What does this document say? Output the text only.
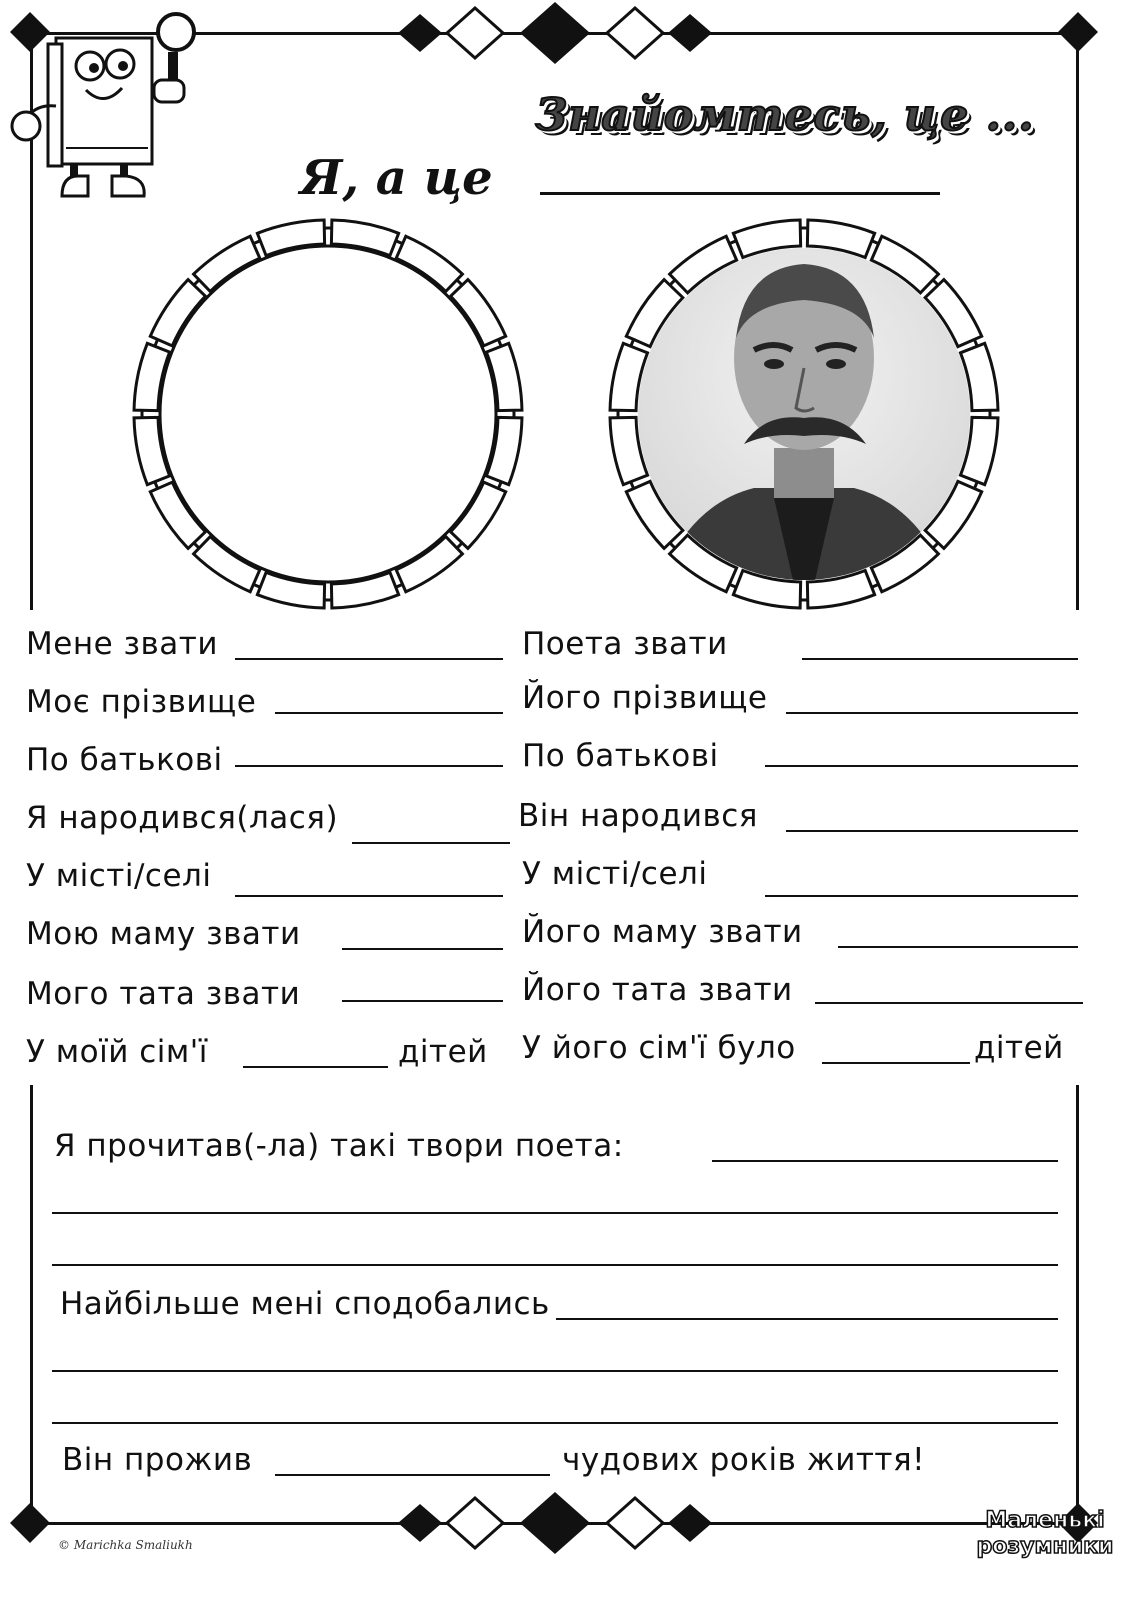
Знайомтесь, це ...
Я, а це
Мене звати
Моє прізвище
По батькові
Я народився(лася)
У місті/селі
Мою маму звати
Мого тата звати
У моїй сім'ї	дітей
Поета звати
Його прізвище
По батькові
Він народився
У місті/селі
Його маму звати
Його тата звати
У його сім'ї було	дітей
Я прочитав(-ла) такі твори поета:
Найбільше мені сподобались
Він прожив	чудових років життя!
© Marichka Smaliukh
Маленькі
розумники
